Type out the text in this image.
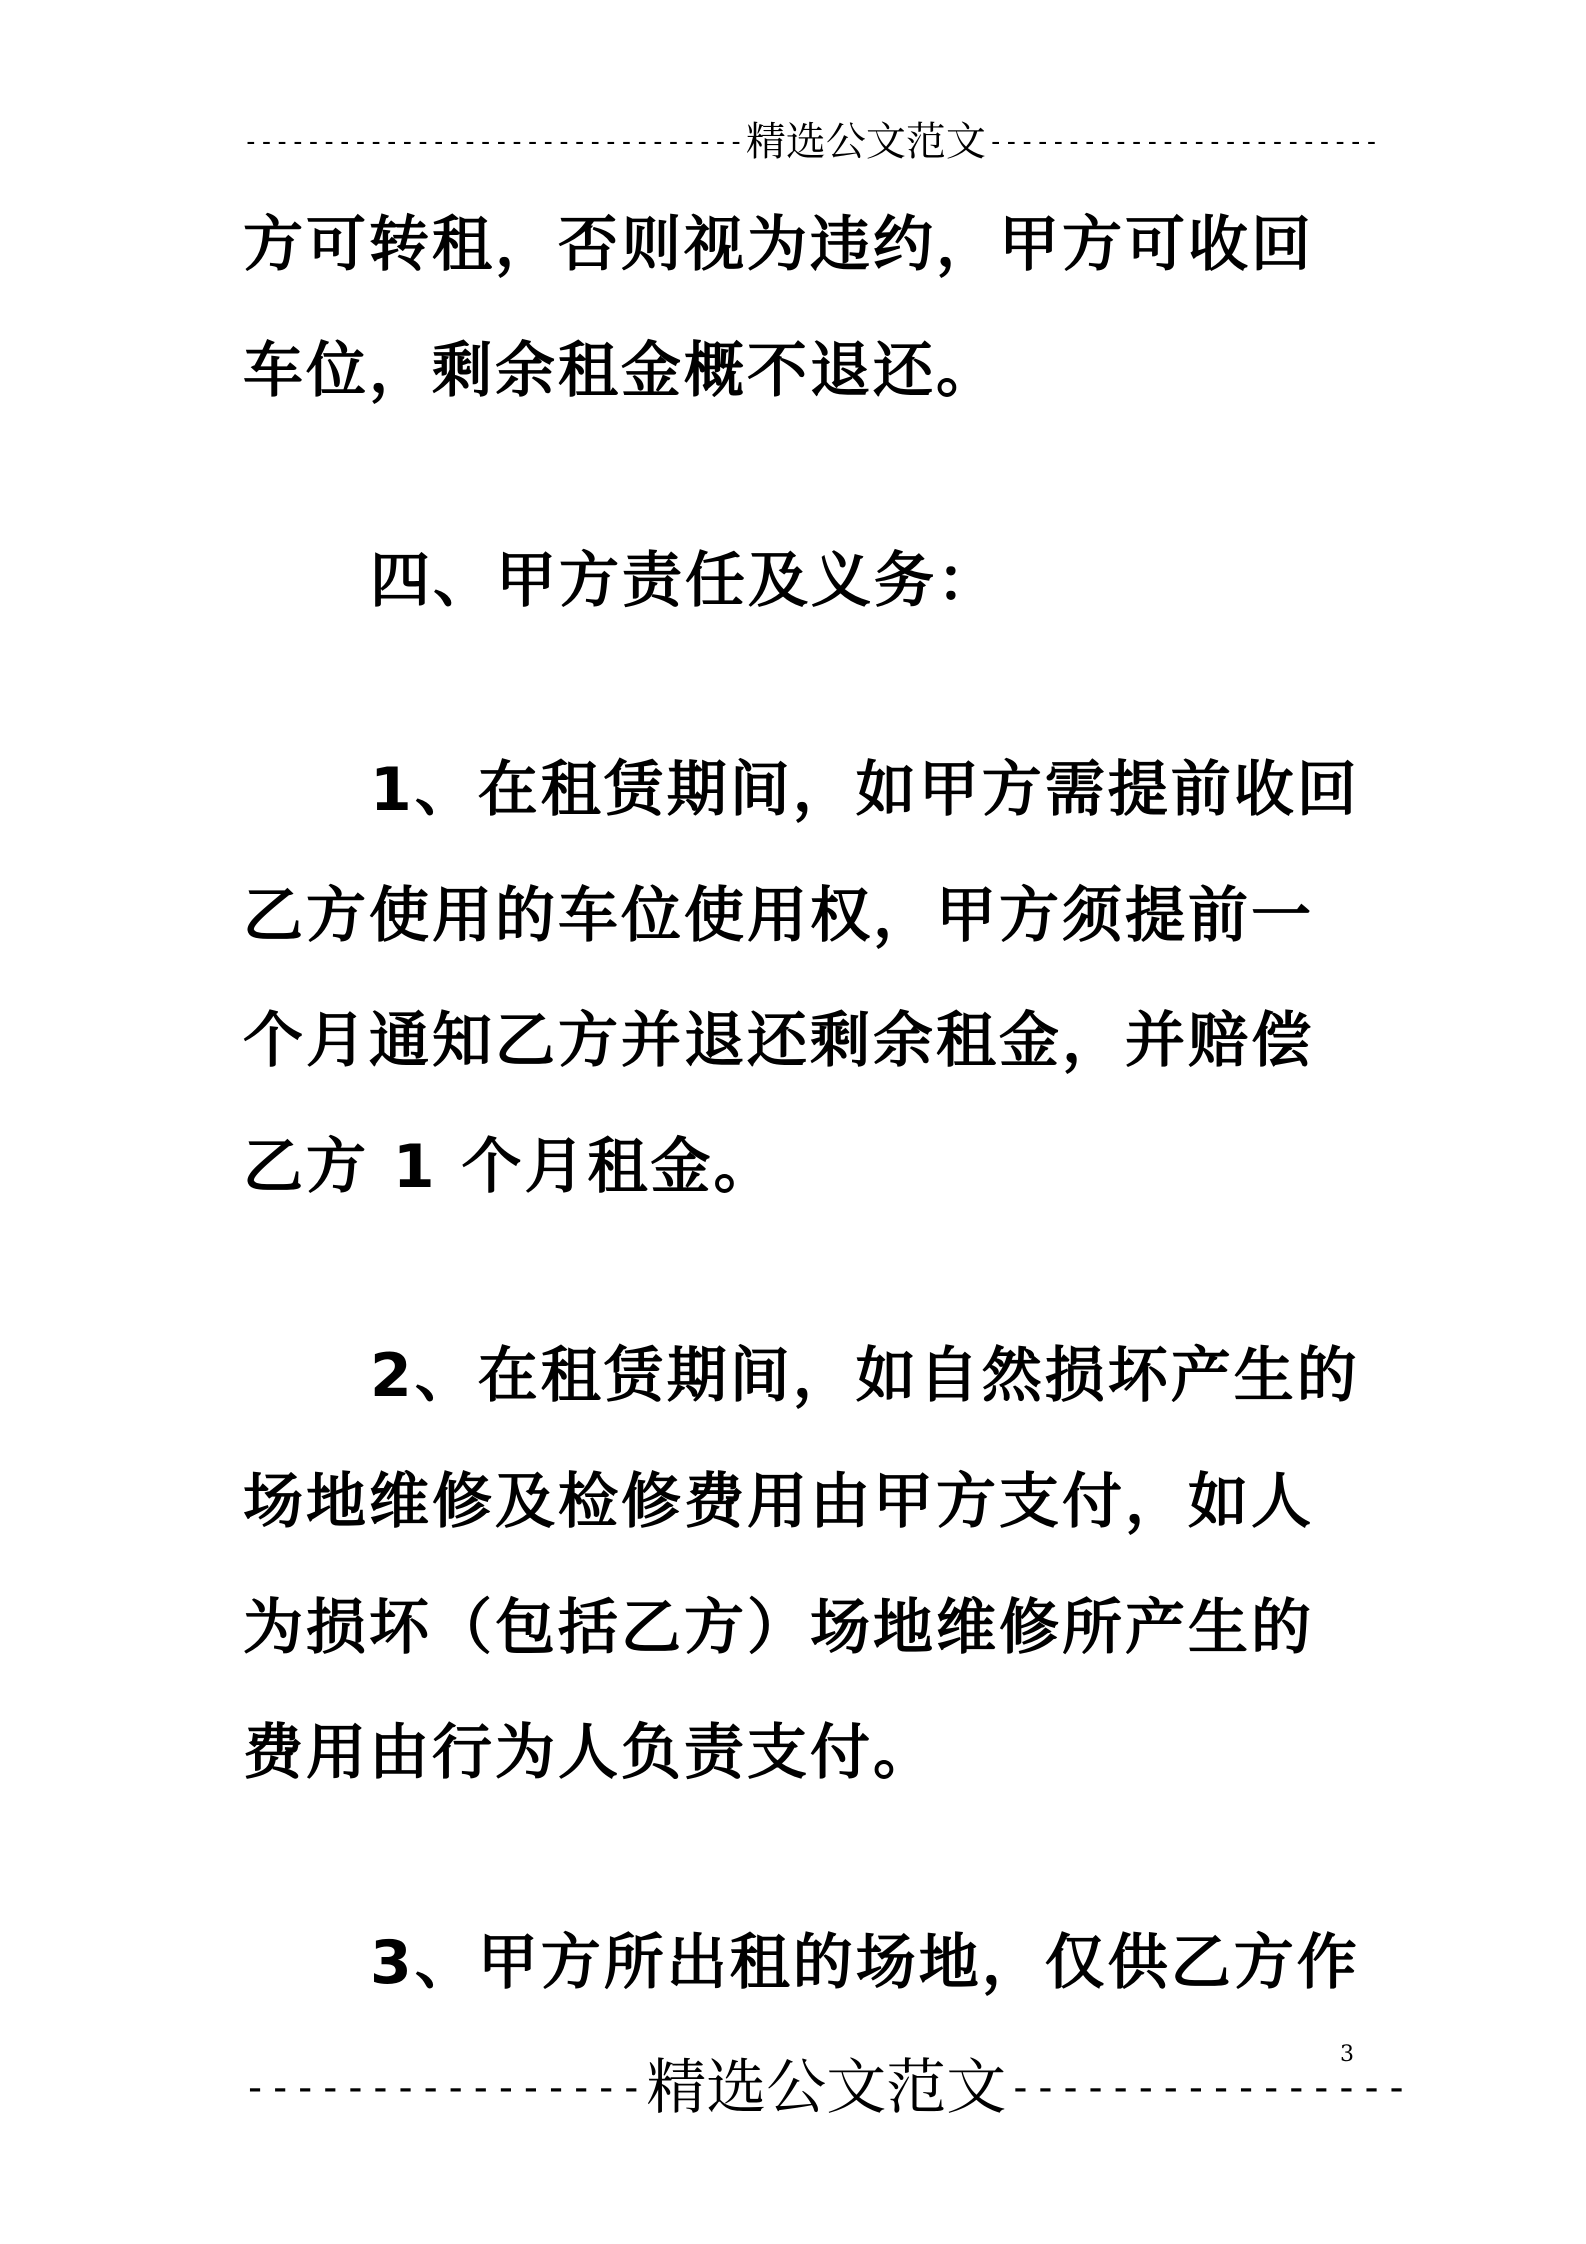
-------------------------------- 精选公文范文 -------------------------
方可转租，否则视为违约，甲方可收回
车位，剩余租金概不退还。
四、甲方责任及义务：
1、在租赁期间，如甲方需提前收回
乙方使用的车位使用权，甲方须提前一
个月通知乙方并退还剩余租金，并赔偿
乙方 1 个月租金。
2、在租赁期间，如自然损坏产生的
场地维修及检修费用由甲方支付，如人
为损坏（包括乙方）场地维修所产生的
费用由行为人负责支付。
3、甲方所出租的场地，仅供乙方作
---------------- 精选公文范文 ----------------
3
